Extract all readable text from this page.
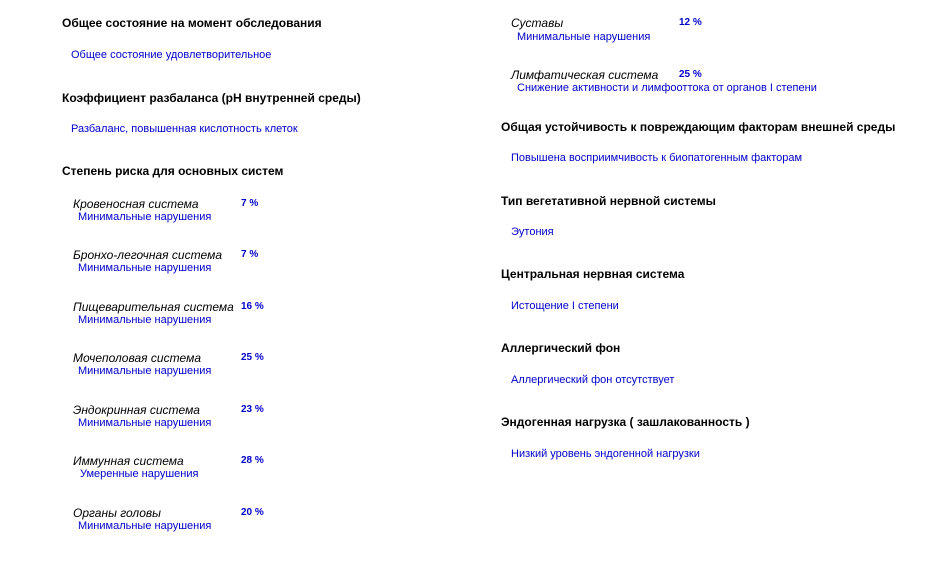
Общее состояние на момент обследования
Общее состояние удовлетворительное
Коэффициент разбаланса (pH внутренней среды)
Разбаланс, повышенная кислотность клеток
Степень риска для основных систем
Кровеносная система	7 %
Минимальные нарушения
Бронхо-легочная система 7 %
Минимальные нарушения
Пищеварительная система 16 %
Минимальные нарушения
Мочеполовая система	25 %
Минимальные нарушения
Эндокринная система	23 %
Минимальные нарушения
Иммунная система	28 %
Умеренные нарушения
Органы головы	20 %
Минимальные нарушения
Суставы	12 %
Минимальные нарушения
Лимфатическая система 25 %
Снижение активности и лимфооттока от органов I степени
Общая устойчивость к повреждающим факторам внешней среды
Повышена восприимчивость к биопатогенным факторам
Тип вегетативной нервной системы
Эутония
Центральная нервная система
Истощение I степени
Аллергический фон
Аллергический фон отсутствует
Эндогенная нагрузка ( зашлакованность )
Низкий уровень эндогенной нагрузки
